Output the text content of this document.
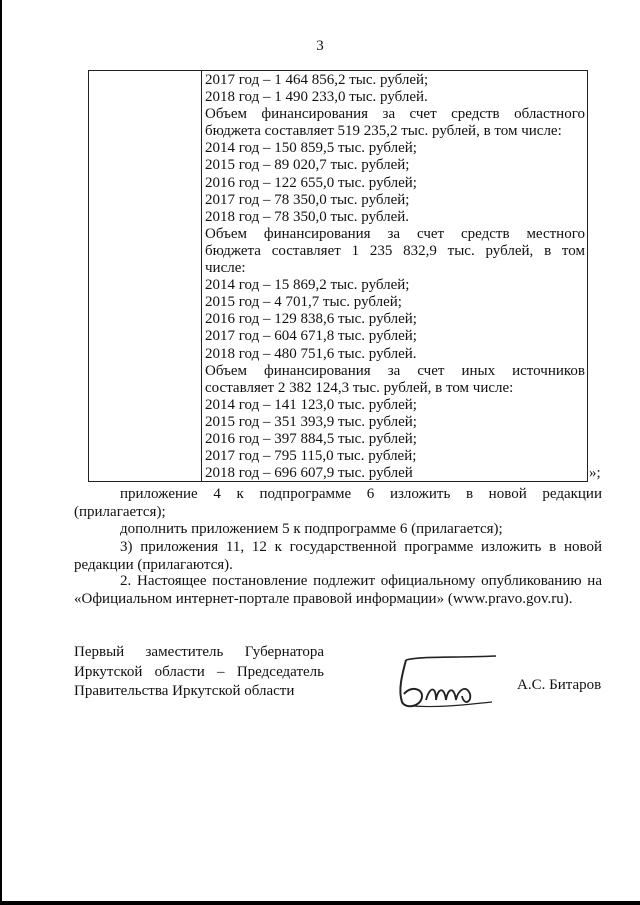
3
2017 год – 1 464 856,2 тыс. рублей;
2018 год – 1 490 233,0 тыс. рублей.
Объем финансирования за счет средств областного
бюджета составляет 519 235,2 тыс. рублей, в том числе:
2014 год – 150 859,5 тыс. рублей;
2015 год – 89 020,7 тыс. рублей;
2016 год – 122 655,0 тыс. рублей;
2017 год – 78 350,0 тыс. рублей;
2018 год – 78 350,0 тыс. рублей.
Объем финансирования за счет средств местного
бюджета составляет 1 235 832,9 тыс. рублей, в том
числе:
2014 год – 15 869,2 тыс. рублей;
2015 год – 4 701,7 тыс. рублей;
2016 год – 129 838,6 тыс. рублей;
2017 год – 604 671,8 тыс. рублей;
2018 год – 480 751,6 тыс. рублей.
Объем финансирования за счет иных источников
составляет 2 382 124,3 тыс. рублей, в том числе:
2014 год – 141 123,0 тыс. рублей;
2015 год – 351 393,9 тыс. рублей;
2016 год – 397 884,5 тыс. рублей;
2017 год – 795 115,0 тыс. рублей;
2018 год – 696 607,9 тыс. рублей	»;
приложение 4 к подпрограмме 6 изложить в новой редакции (прилагается);
дополнить приложением 5 к подпрограмме 6 (прилагается);
3) приложения 11, 12 к государственной программе изложить в новой редакции (прилагаются).
2. Настоящее постановление подлежит официальному опубликованию на «Официальном интернет-портале правовой информации» (www.pravo.gov.ru).
Первый заместитель Губернатора
Иркутской области – Председатель
Правительства Иркутской области	А.С. Битаров
